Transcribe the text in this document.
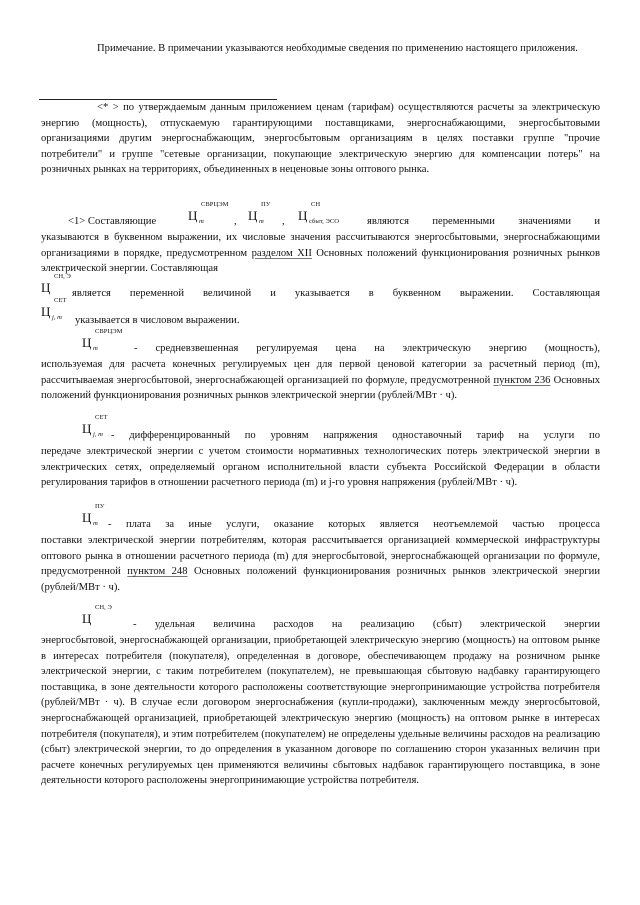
Примечание. В примечании указываются необходимые сведения по применению настоящего приложения.

<* > по утверждаемым данным приложением ценам (тарифам) осуществляются расчеты за электрическую энергию (мощность), отпускаемую гарантирующими поставщиками, энергоснабжающими, энергосбытовыми организациями другим энергоснабжающим, энергосбытовым организациям в целях поставки группе "прочие потребители" и группе "сетевые организации, покупающие электрическую энергию для компенсации потерь" на розничных рынках на территориях, объединенных в неценовые зоны оптового рынка.

<1> Составляющие Ц
СВРЦЭМ
m	, Ц
ПУ
m , Ц
СН
сбыт, ЭСО	являются переменными значениями и

указываются в буквенном выражении, их числовые значения рассчитываются энергосбытовыми, энергоснабжающими организациями в порядке, предусмотренном разделом XII Основных положений функционирования розничных рынков электрической энергии. Составляющая

Ц
СН, Э
является переменной величиной и указывается в буквенном выражении. Составляющая
Ц
СЕТ
j, m указывается в числовом выражении.
Ц
СВРЦЭМ
m	- средневзвешенная регулируемая цена на электрическую энергию (мощность),

используемая для расчета конечных регулируемых цен для первой ценовой категории за расчетный период (m), рассчитываемая энергосбытовой, энергоснабжающей организацией по формуле, предусмотренной пунктом 236 Основных положений функционирования розничных рынков электрической энергии (рублей/МВт · ч).

Ц
СЕТ
j, m - дифференцированный по уровням напряжения одноставочный тариф на услуги по

передаче электрической энергии с учетом стоимости нормативных технологических потерь электрической энергии в электрических сетях, определяемый органом исполнительной власти субъекта Российской Федерации в области регулирования тарифов в отношении расчетного периода (m) и j-го уровня напряжения (рублей/МВт · ч).

Ц
ПУ
m - плата за иные услуги, оказание которых является неотъемлемой частью процесса

поставки электрической энергии потребителям, которая рассчитывается организацией коммерческой инфраструктуры оптового рынка в отношении расчетного периода (m) для энергосбытовой, энергоснабжающей организации по формуле, предусмотренной пунктом 248 Основных положений функционирования розничных рынков электрической энергии (рублей/МВт · ч).

Ц
СН, Э
- удельная величина расходов на реализацию (сбыт) электрической энергии

энергосбытовой, энергоснабжающей организации, приобретающей электрическую энергию (мощность) на оптовом рынке в интересах потребителя (покупателя), определенная в договоре, обеспечивающем продажу на розничном рынке электрической энергии, с таким потребителем (покупателем), не превышающая сбытовую надбавку гарантирующего поставщика, в зоне деятельности которого расположены соответствующие энергопринимающие устройства потребителя (рублей/МВт · ч). В случае если договором энергоснабжения (купли-продажи), заключенным между энергосбытовой, энергоснабжающей организацией, приобретающей электрическую энергию (мощность) на оптовом рынке в интересах потребителя (покупателя), и этим потребителем (покупателем) не определены удельные величины расходов на реализацию (сбыт) электрической энергии, то до определения в указанном договоре по соглашению сторон указанных величин при расчете конечных регулируемых цен применяются величины сбытовых надбавок гарантирующего поставщика, в зоне деятельности которого расположены энергопринимающие устройства потребителя.
